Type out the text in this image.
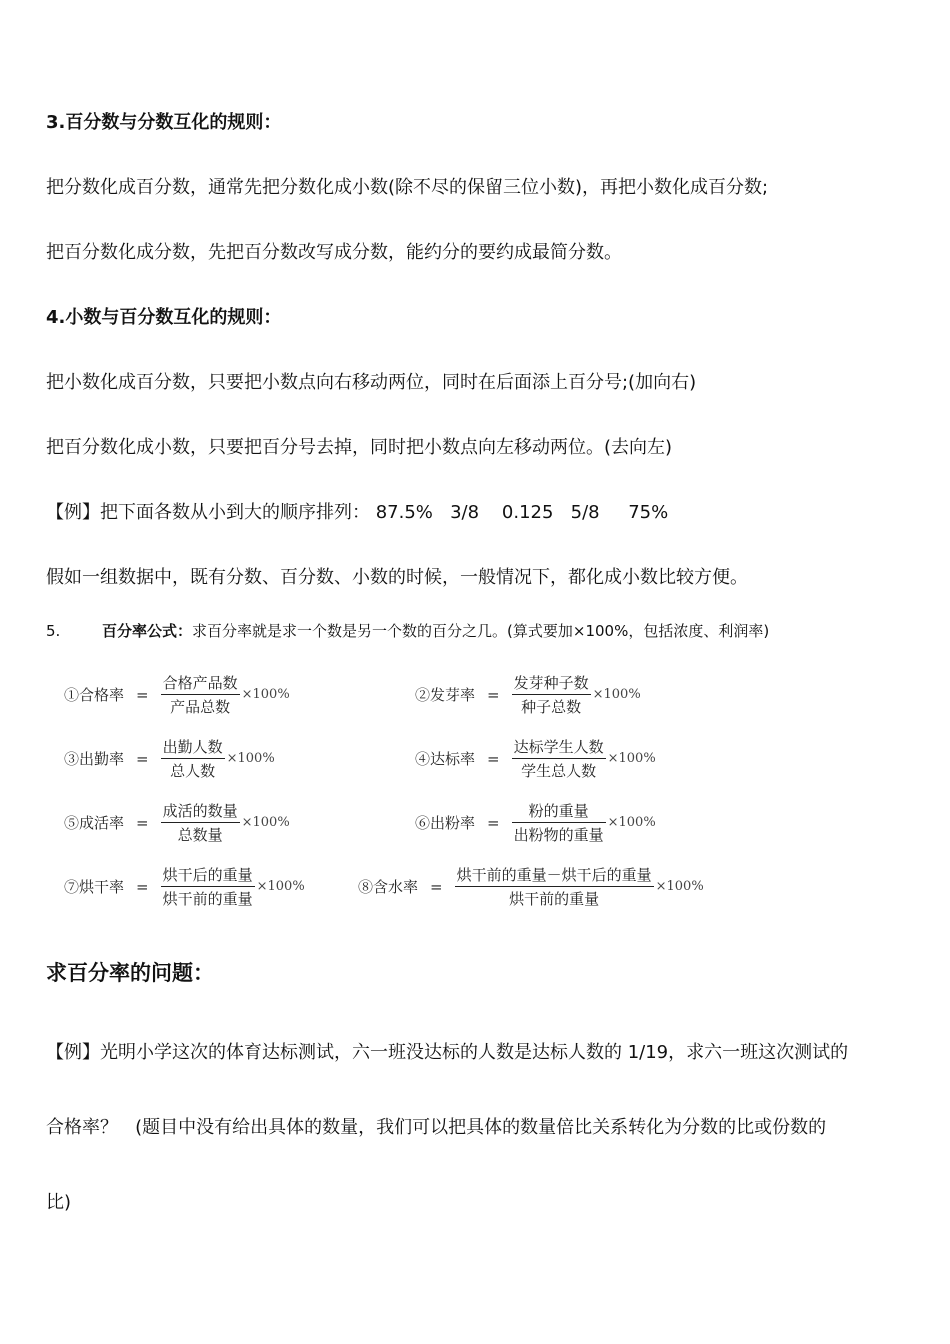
3.百分数与分数互化的规则：
把分数化成百分数，通常先把分数化成小数(除不尽的保留三位小数)，再把小数化成百分数;
把百分数化成分数，先把百分数改写成分数，能约分的要约成最简分数。
4.小数与百分数互化的规则：
把小数化成百分数，只要把小数点向右移动两位，同时在后面添上百分号;(加向右)
把百分数化成小数，只要把百分号去掉，同时把小数点向左移动两位。(去向左)
【例】把下面各数从小到大的顺序排列： 87.5%   3/8    0.125   5/8     75%
假如一组数据中，既有分数、百分数、小数的时候，一般情况下，都化成小数比较方便。
5.	百分率公式：求百分率就是求一个数是另一个数的百分之几。(算式要加×100%，包括浓度、利润率)
①合格率 = $\frac{\text{合格产品数}}{\text{产品总数}} \times 100\%$	②发芽率 = $\frac{\text{发芽种子数}}{\text{种子总数}} \times 100\%$
③出勤率 = $\frac{\text{出勤人数}}{\text{总人数}} \times 100\%$	④达标率 = $\frac{\text{达标学生人数}}{\text{学生总人数}} \times 100\%$
⑤成活率 = $\frac{\text{成活的数量}}{\text{总数量}} \times 100\%$	⑥出粉率 = $\frac{\text{粉的重量}}{\text{出粉物的重量}} \times 100\%$
⑦烘干率 = $\frac{\text{烘干后的重量}}{\text{烘干前的重量}} \times 100\%$	⑧含水率 = $\frac{\text{烘干前的重量－烘干后的重量}}{\text{烘干前的重量}} \times 100\%$
求百分率的问题：
【例】光明小学这次的体育达标测试，六一班没达标的人数是达标人数的 1/19，求六一班这次测试的
合格率？   (题目中没有给出具体的数量，我们可以把具体的数量倍比关系转化为分数的比或份数的
比)
